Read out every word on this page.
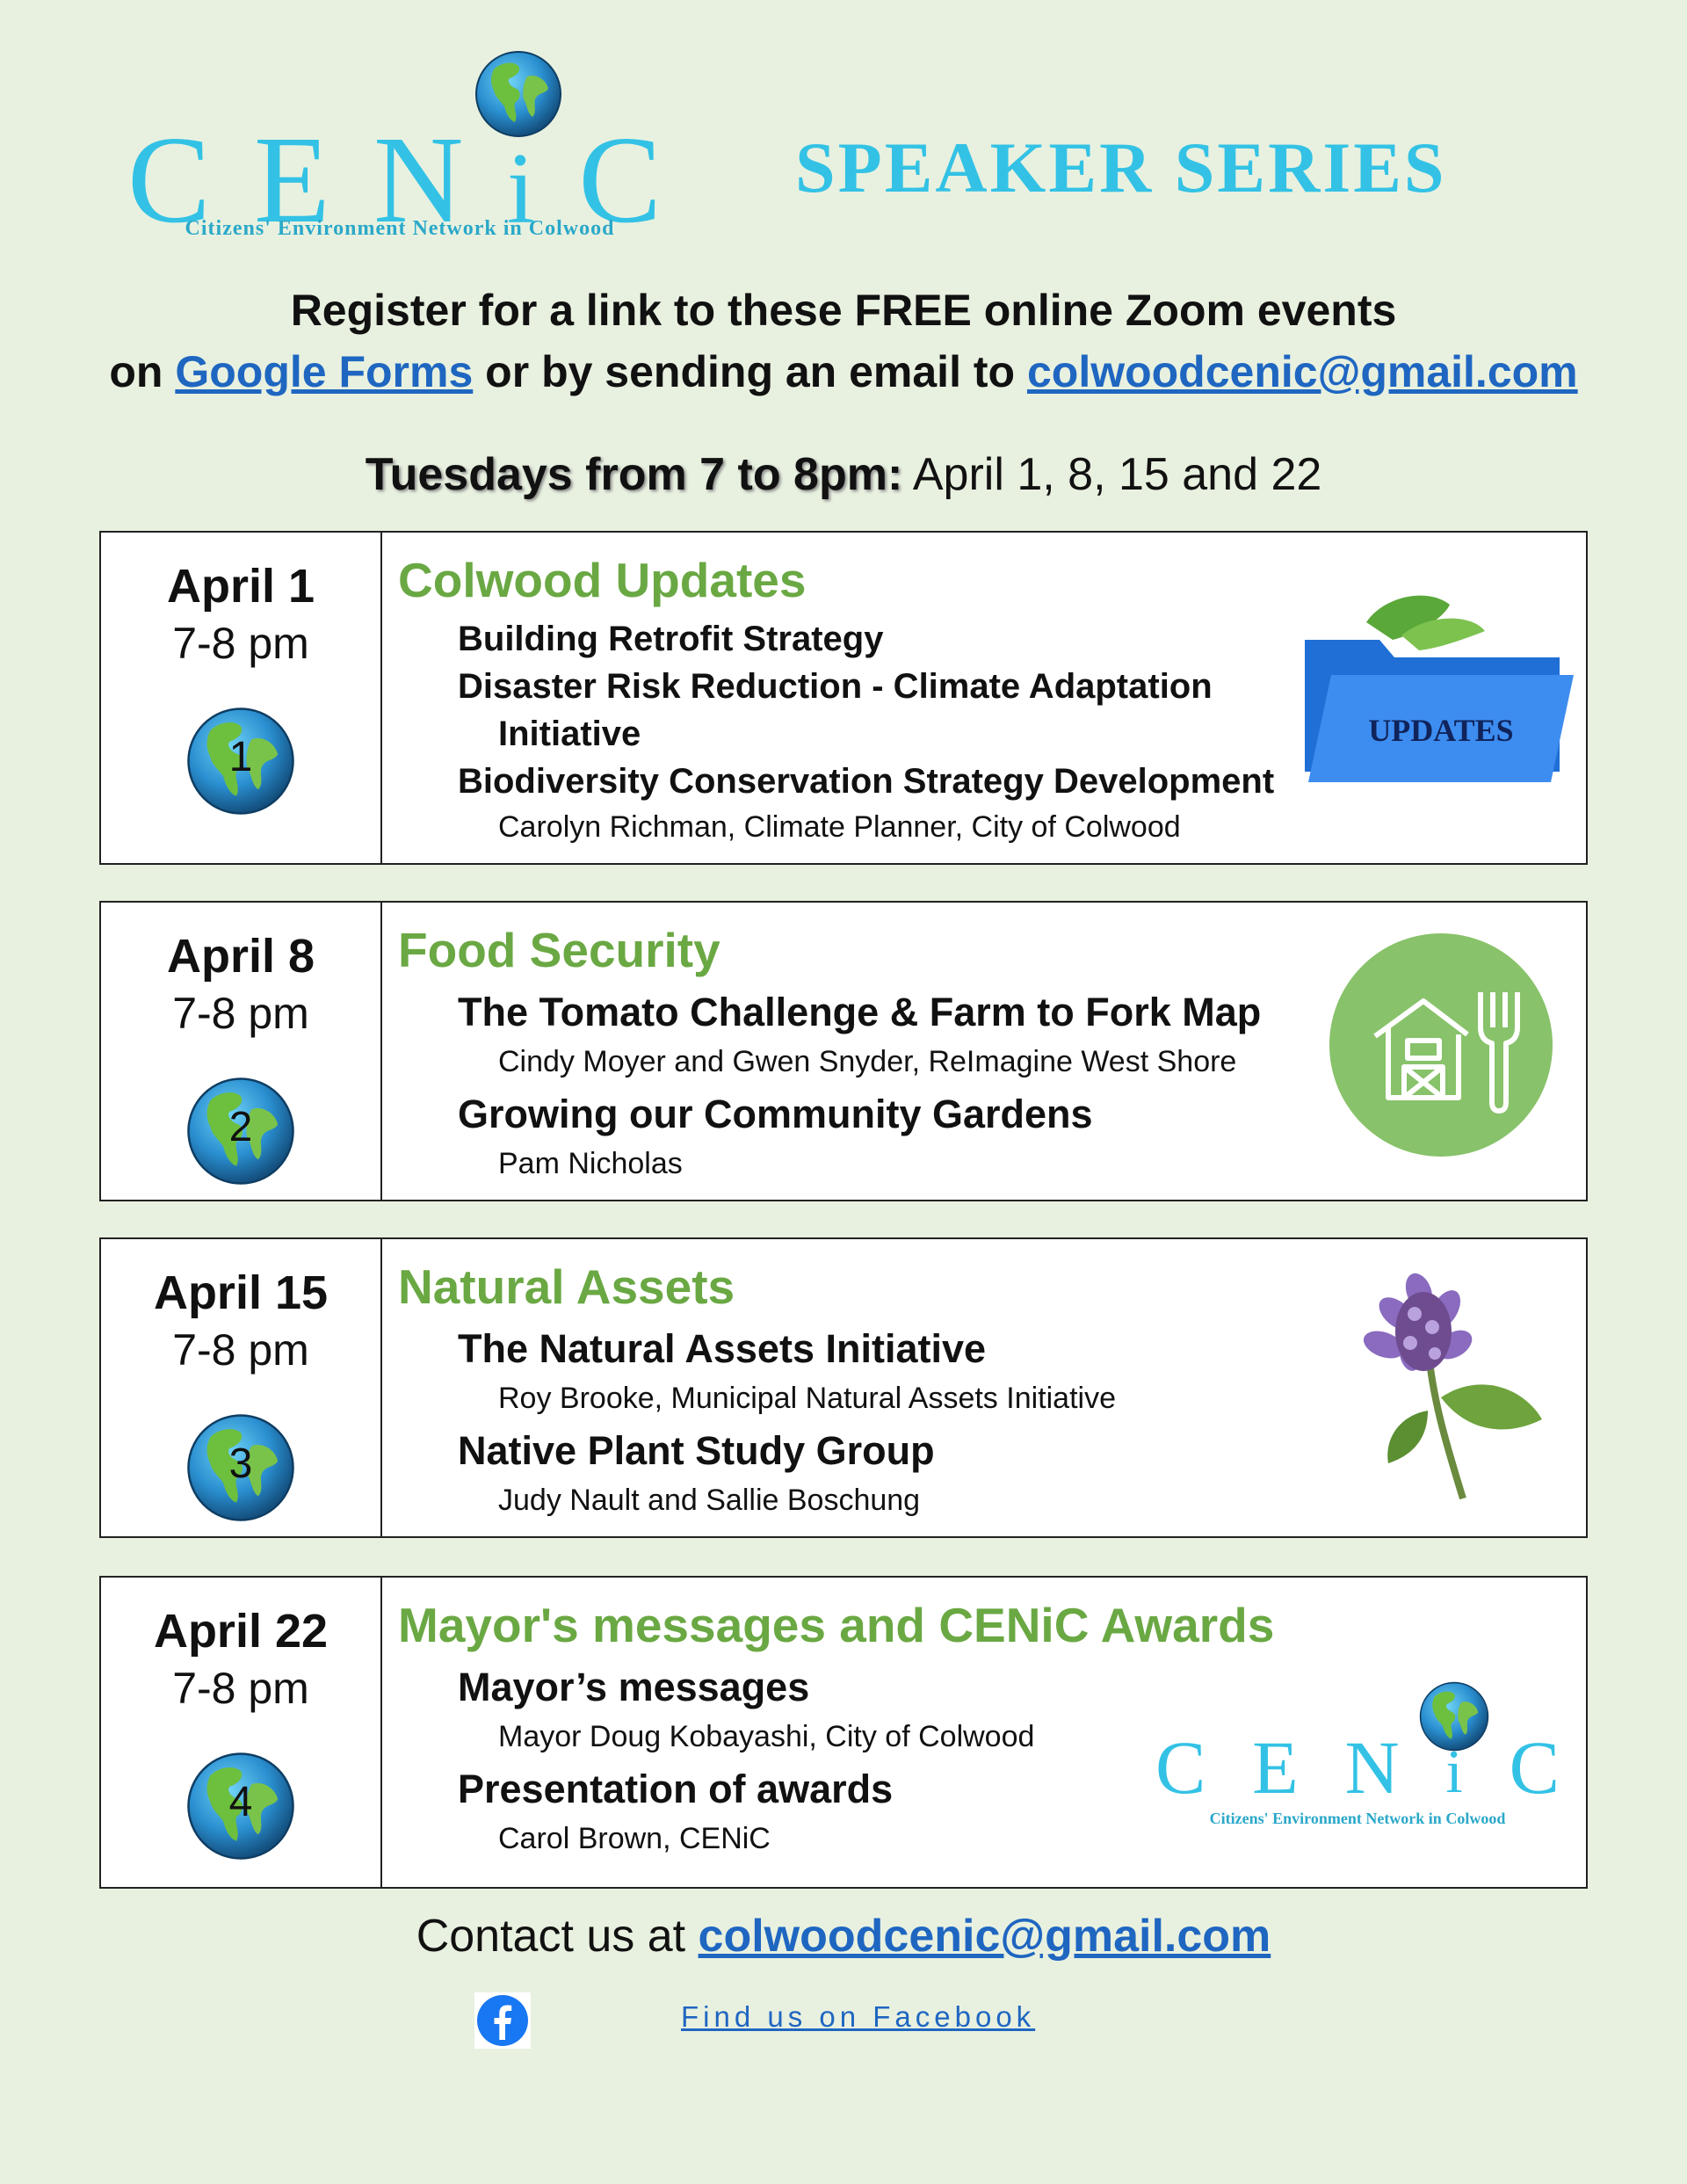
C E N i C
Citizens' Environment Network in Colwood
SPEAKER SERIES
Register for a link to these FREE online Zoom events
on Google Forms or by sending an email to colwoodcenic@gmail.com
Tuesdays from 7 to 8pm: April 1, 8, 15 and 22
April 1
7-8 pm
1
Colwood Updates
Building Retrofit Strategy
Disaster Risk Reduction - Climate Adaptation
Initiative
Biodiversity Conservation Strategy Development
Carolyn Richman, Climate Planner, City of Colwood
UPDATES
April 8
7-8 pm
2
Food Security
The Tomato Challenge & Farm to Fork Map
Cindy Moyer and Gwen Snyder, ReImagine West Shore
Growing our Community Gardens
Pam Nicholas
April 15
7-8 pm
3
Natural Assets
The Natural Assets Initiative
Roy Brooke, Municipal Natural Assets Initiative
Native Plant Study Group
Judy Nault and Sallie Boschung
April 22
7-8 pm
4
Mayor's messages and CENiC Awards
Mayor’s messages
Mayor Doug Kobayashi, City of Colwood
Presentation of awards
Carol Brown, CENiC
C E N i C
Citizens' Environment Network in Colwood
Contact us at colwoodcenic@gmail.com
Find us on Facebook
